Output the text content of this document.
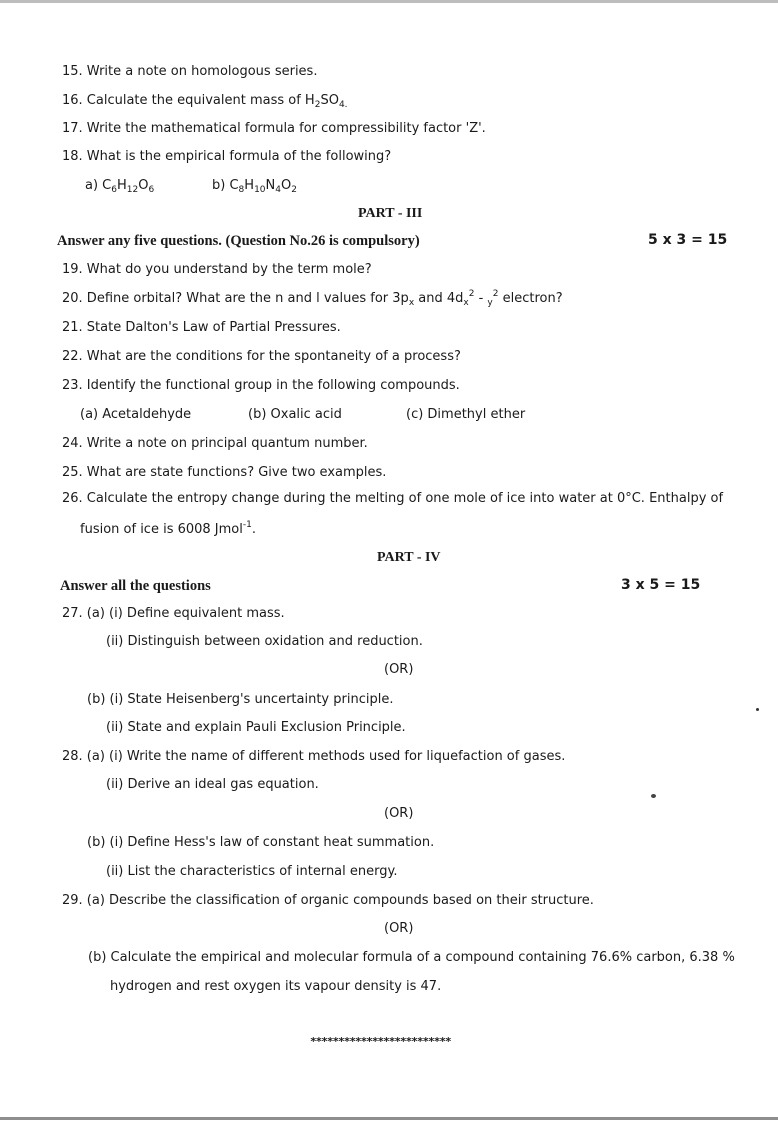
15. Write a note on homologous series.
16. Calculate the equivalent mass of $H_2SO_{4.}$
17. Write the mathematical formula for compressibility factor 'Z'.
18. What is the empirical formula of the following?
a) $C_6H_{12}O_6$	b) $C_8H_{10}N_4O_2$
PART - III
Answer any five questions. (Question No.26 is compulsory)	5 x 3 = 15
19. What do you understand by the term mole?
20. Define orbital? What are the n and l values for $3p_x$ and $4d_x^2 - _y^2$ electron?
21. State Dalton's Law of Partial Pressures.
22. What are the conditions for the spontaneity of a process?
23. Identify the functional group in the following compounds.
(a) Acetaldehyde	(b) Oxalic acid	(c) Dimethyl ether
24. Write a note on principal quantum number.
25. What are state functions? Give two examples.
26. Calculate the entropy change during the melting of one mole of ice into water at 0°C. Enthalpy of
fusion of ice is 6008 Jmol$^{-1}$.
PART - IV
Answer all the questions	3 x 5 = 15
27. (a) (i) Define equivalent mass.
(ii) Distinguish between oxidation and reduction.
(OR)
(b) (i) State Heisenberg's uncertainty principle.
(ii) State and explain Pauli Exclusion Principle.
28. (a) (i) Write the name of different methods used for liquefaction of gases.
(ii) Derive an ideal gas equation.
(OR)
(b) (i) Define Hess's law of constant heat summation.
(ii) List the characteristics of internal energy.
29. (a) Describe the classification of organic compounds based on their structure.
(OR)
(b) Calculate the empirical and molecular formula of a compound containing 76.6% carbon, 6.38 %
hydrogen and rest oxygen its vapour density is 47.
*************************
